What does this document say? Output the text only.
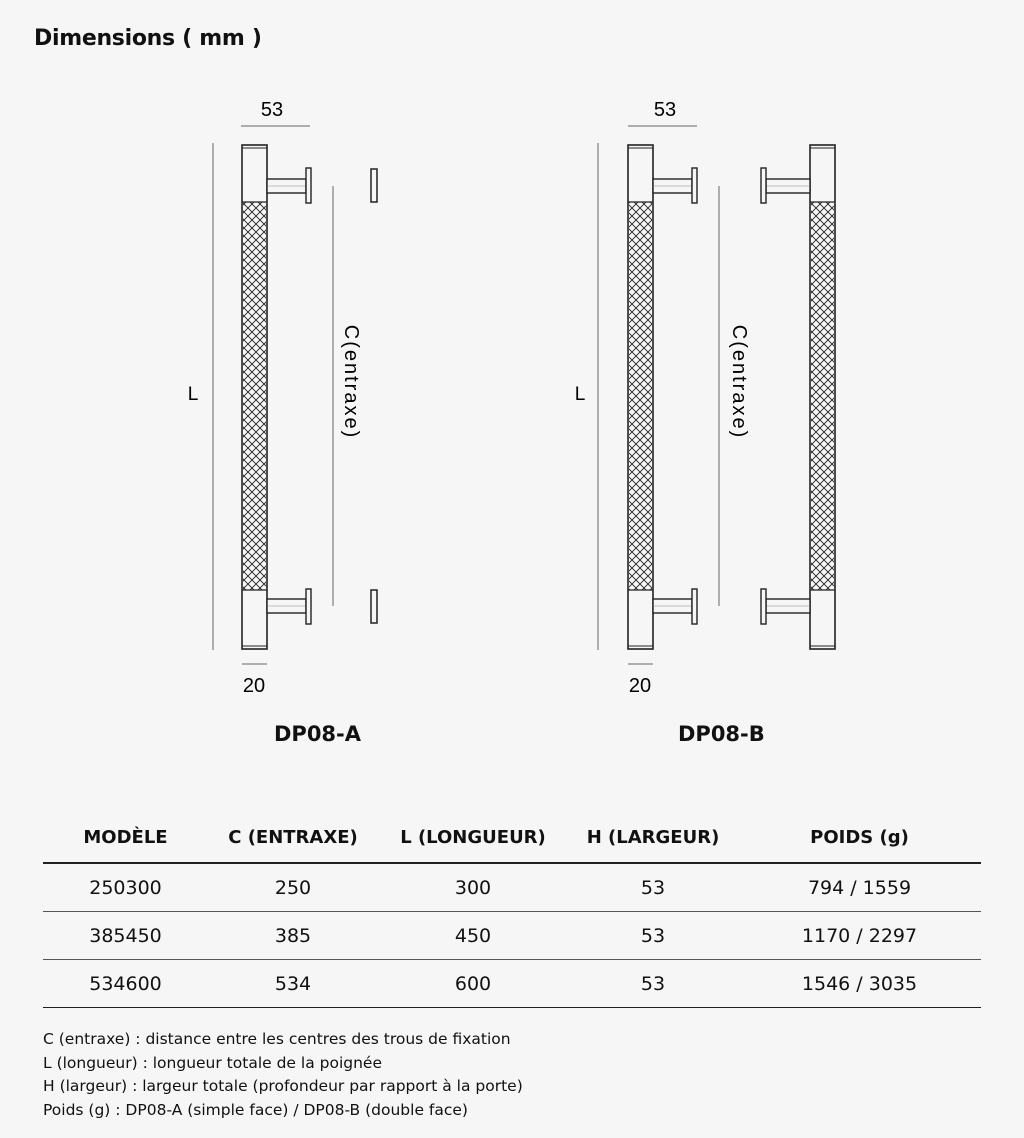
Dimensions ( mm )
53
L	C(entraxe)
20
53
L	C(entraxe)
20
DP08-A	DP08-B
MODÈLE	C (ENTRAXE)	L (LONGUEUR)	H (LARGEUR)	POIDS (g)
250300	250	300	53	794 / 1559
385450	385	450	53	1170 / 2297
534600	534	600	53	1546 / 3035
C (entraxe) : distance entre les centres des trous de fixation
L (longueur) : longueur totale de la poignée
H (largeur) : largeur totale (profondeur par rapport à la porte)
Poids (g) : DP08-A (simple face) / DP08-B (double face)
